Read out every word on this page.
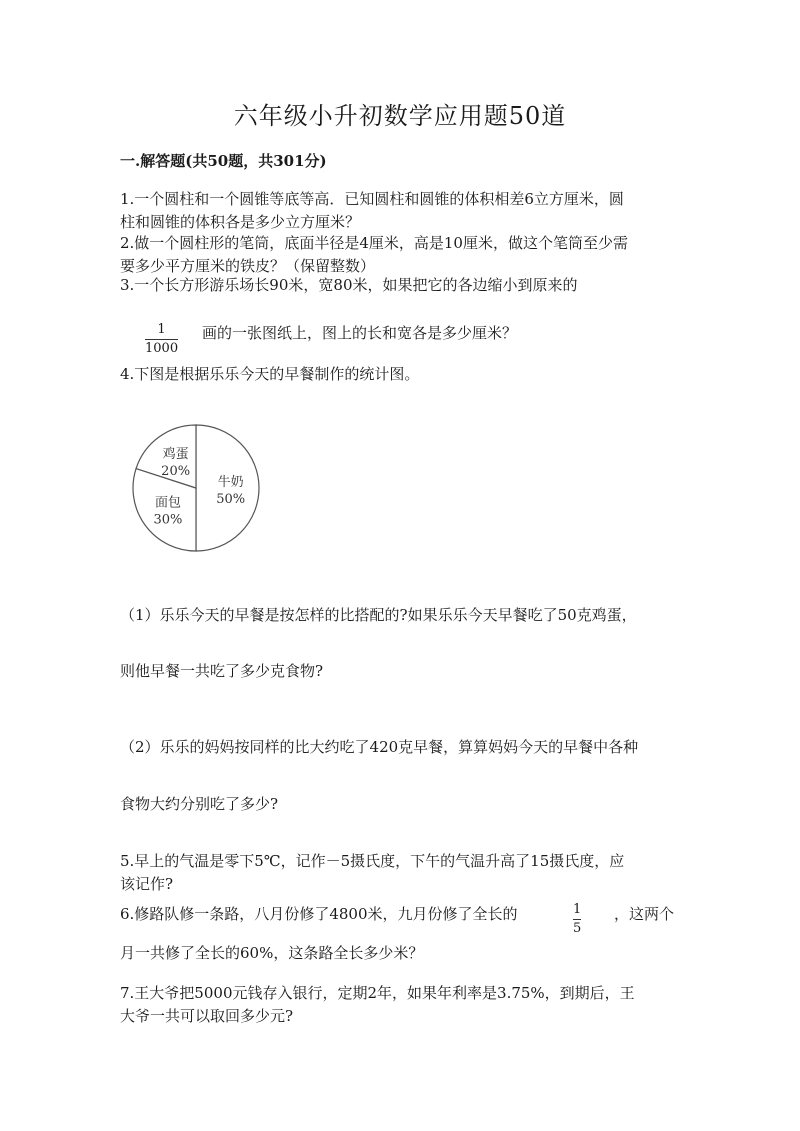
六年级小升初数学应用题50道
一.解答题(共50题，共301分)
1.一个圆柱和一个圆锥等底等高．已知圆柱和圆锥的体积相差6立方厘米，圆
柱和圆锥的体积各是多少立方厘米？
2.做一个圆柱形的笔筒，底面半径是4厘米，高是10厘米，做这个笔筒至少需
要多少平方厘米的铁皮？（保留整数）
3.一个长方形游乐场长90米，宽80米，如果把它的各边缩小到原来的
$\frac{1}{1000}$ 画的一张图纸上，图上的长和宽各是多少厘米？
4.下图是根据乐乐今天的早餐制作的统计图。
牛奶
50%
面包
30%
鸡蛋
20%
（1）乐乐今天的早餐是按怎样的比搭配的?如果乐乐今天早餐吃了50克鸡蛋，
则他早餐一共吃了多少克食物?
（2）乐乐的妈妈按同样的比大约吃了420克早餐，算算妈妈今天的早餐中各种
食物大约分别吃了多少?
5.早上的气温是零下5℃，记作－5摄氏度，下午的气温升高了15摄氏度，应
该记作?
6.修路队修一条路，八月份修了4800米，九月份修了全长的	$\frac{1}{5}$ ，这两个
月一共修了全长的60%，这条路全长多少米？
7.王大爷把5000元钱存入银行，定期2年，如果年利率是3.75%，到期后，王
大爷一共可以取回多少元?
